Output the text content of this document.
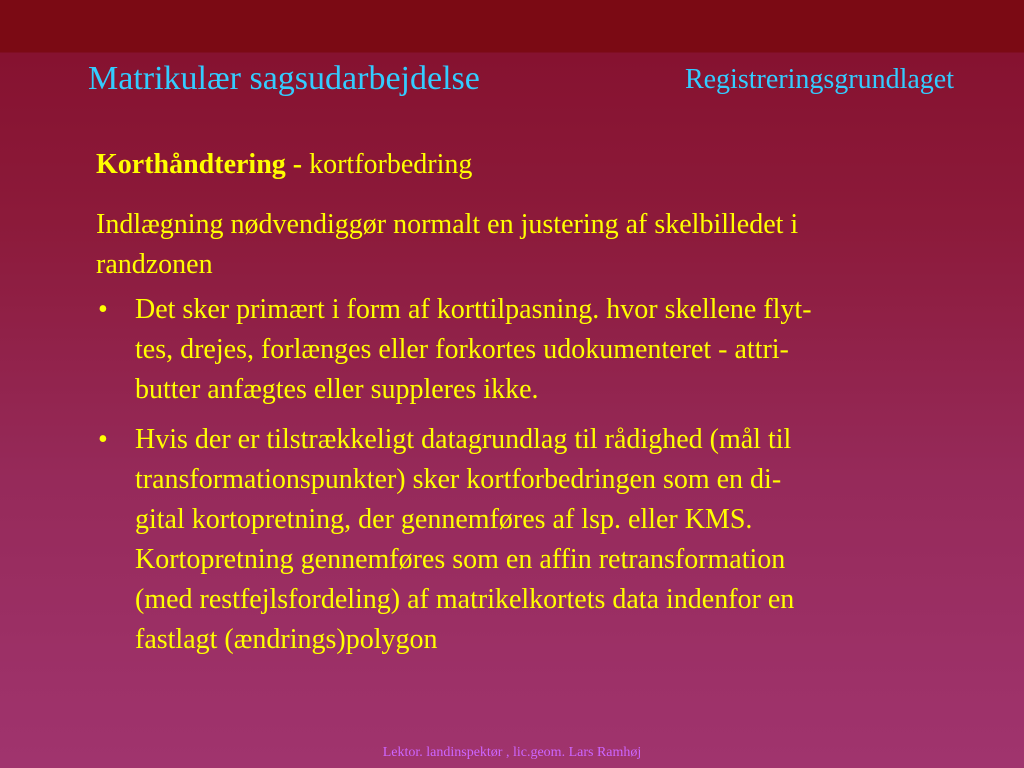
Matrikulær sagsudarbejdelse	Registreringsgrundlaget
Korthåndtering - kortforbedring
Indlægning nødvendiggør normalt en justering af skelbilledet i
randzonen
• Det sker primært i form af korttilpasning. hvor skellene flyt-
tes, drejes, forlænges eller forkortes udokumenteret - attri-
butter anfægtes eller suppleres ikke.
• Hvis der er tilstrækkeligt datagrundlag til rådighed (mål til
transformationspunkter) sker kortforbedringen som en di-
gital kortopretning, der gennemføres af lsp. eller KMS.
Kortopretning gennemføres som en affin retransformation
(med restfejlsfordeling) af matrikelkortets data indenfor en
fastlagt (ændrings)polygon
Lektor. landinspektør , lic.geom. Lars Ramhøj
